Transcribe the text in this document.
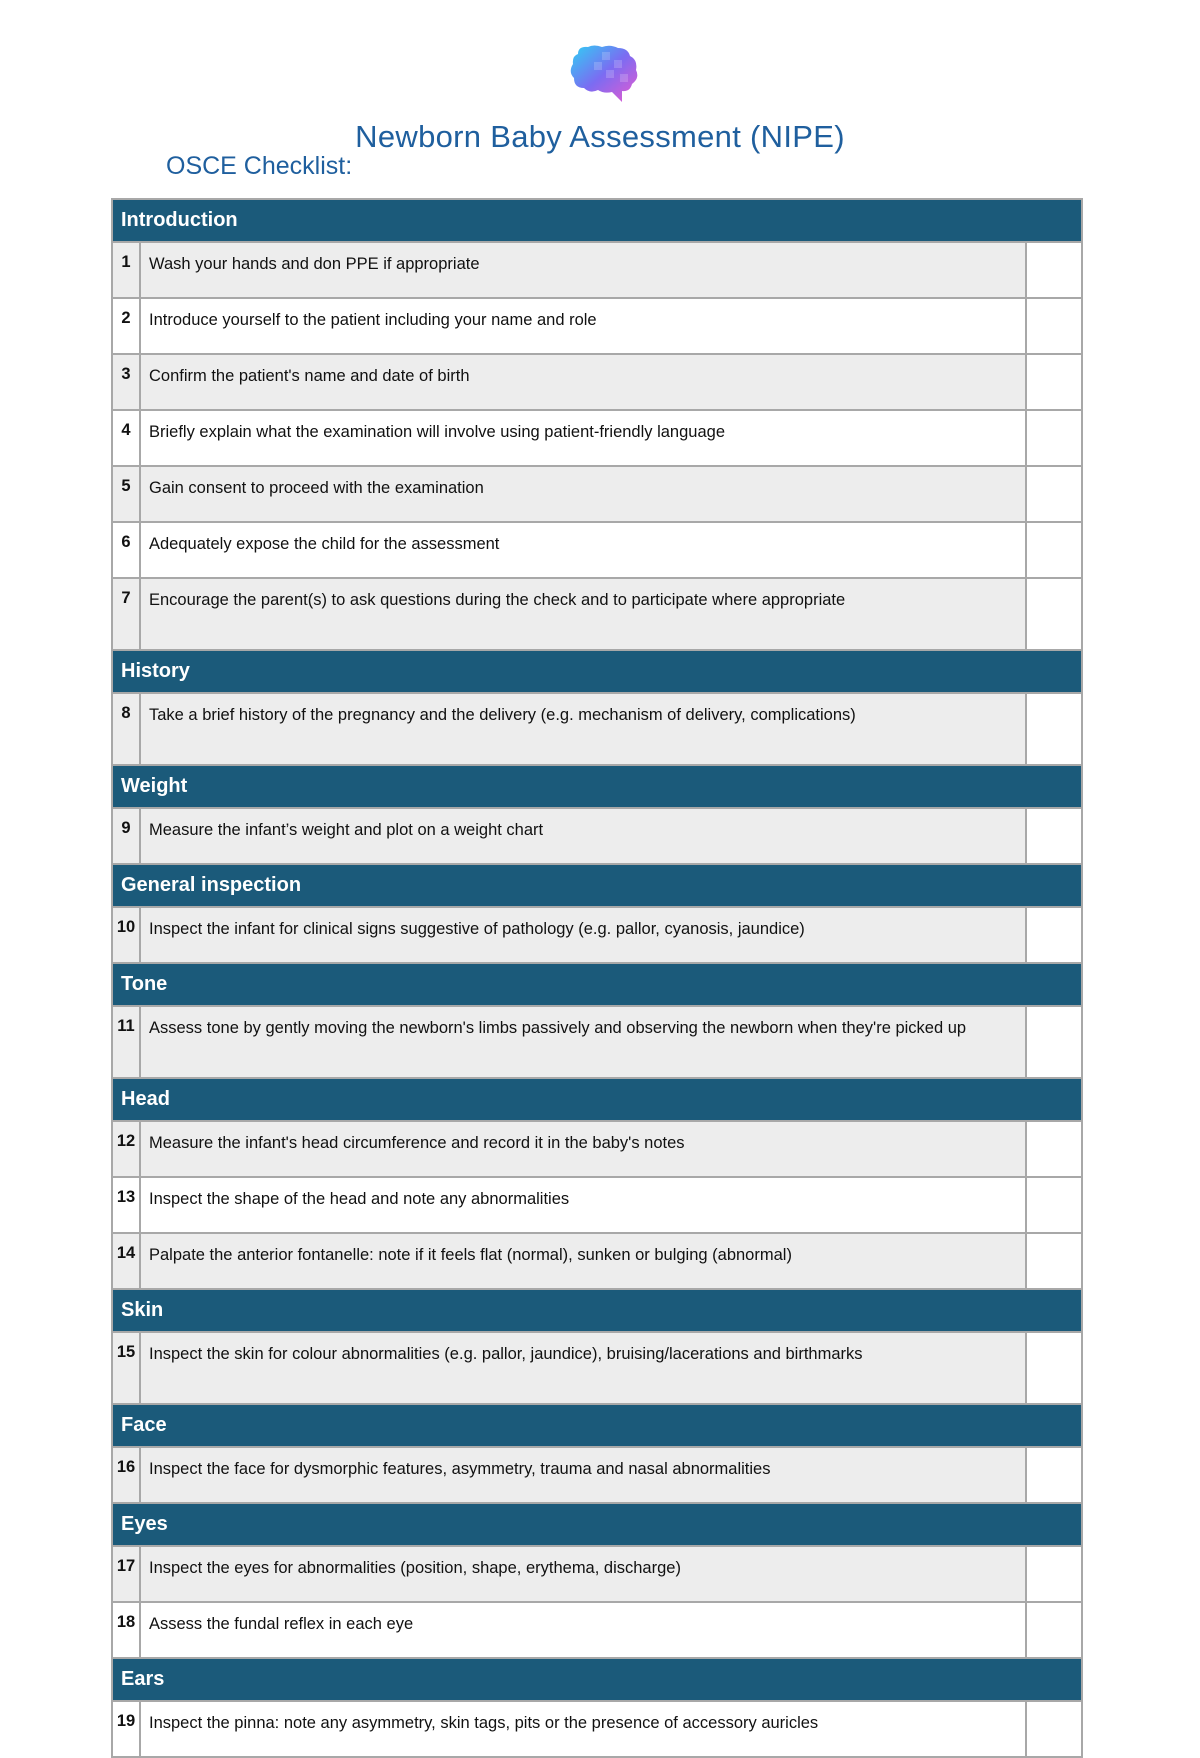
Newborn Baby Assessment (NIPE)
OSCE Checklist:
Introduction		
1	Wash your hands and don PPE if appropriate	
2	Introduce yourself to the patient including your name and role	
3	Confirm the patient's name and date of birth	
4	Briefly explain what the examination will involve using patient-friendly language	
5	Gain consent to proceed with the examination	
6	Adequately expose the child for the assessment	
7	Encourage the parent(s) to ask questions during the check and to participate where appropriate	
History		
8	Take a brief history of the pregnancy and the delivery (e.g. mechanism of delivery, complications)	
Weight		
9	Measure the infant’s weight and plot on a weight chart	
General inspection		
10	Inspect the infant for clinical signs suggestive of pathology (e.g. pallor, cyanosis, jaundice)	
Tone		
11	Assess tone by gently moving the newborn's limbs passively and observing the newborn when they're picked up	
Head		
12	Measure the infant's head circumference and record it in the baby's notes	
13	Inspect the shape of the head and note any abnormalities	
14	Palpate the anterior fontanelle: note if it feels flat (normal), sunken or bulging (abnormal)	
Skin		
15	Inspect the skin for colour abnormalities (e.g. pallor, jaundice), bruising/lacerations and birthmarks	
Face		
16	Inspect the face for dysmorphic features, asymmetry, trauma and nasal abnormalities	
Eyes		
17	Inspect the eyes for abnormalities (position, shape, erythema, discharge)	
18	Assess the fundal reflex in each eye	
Ears		
19	Inspect the pinna: note any asymmetry, skin tags, pits or the presence of accessory auricles	
